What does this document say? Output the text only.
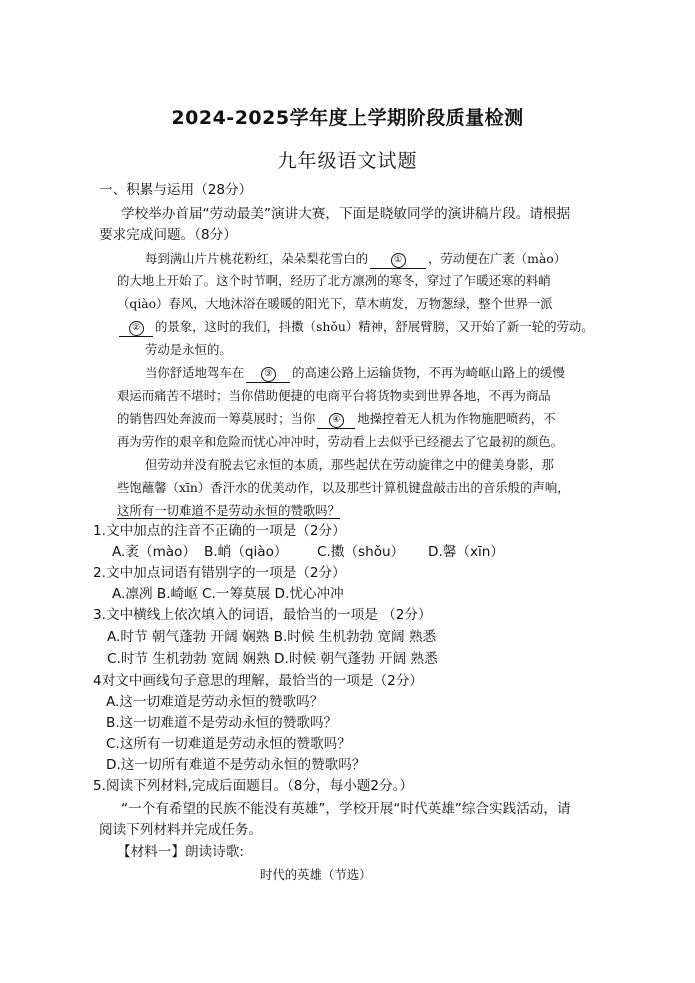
2024-2025学年度上学期阶段质量检测
九年级语文试题
一、积累与运用（28分）
学校举办首届“劳动最美”演讲大赛，下面是晓敏同学的演讲稿片段。请根据
要求完成问题。（8分）
每到满山片片桃花粉红，朵朵梨花雪白的	① ，劳动便在广袤（mào）
的大地上开始了。这个时节啊，经历了北方凛冽的寒冬，穿过了乍暖还寒的料峭
（qiào）春风，大地沐浴在暖暖的阳光下，草木萌发，万物葱绿，整个世界一派
② 的景象，这时的我们，抖擞（shǒu）精神，舒展臂膀，又开始了新一轮的劳动。
劳动是永恒的。
当你舒适地驾车在 ③ 的高速公路上运输货物，不再为崎岖山路上的缓慢
艰运而痛苦不堪时；当你借助便捷的电商平台将货物卖到世界各地，不再为商品
的销售四处奔波而一筹莫展时；当你 ④ 地操控着无人机为作物施肥喷药，不
再为劳作的艰辛和危险而忧心冲冲时，劳动看上去似乎已经褪去了它最初的颜色。
但劳动并没有脱去它永恒的本质，那些起伏在劳动旋律之中的健美身影，那
些饱蘸馨（xīn）香汗水的优美动作，以及那些计算机键盘敲击出的音乐般的声响，
这所有一切难道不是劳动永恒的赞歌吗？
1.文中加点的注音不正确的一项是（2分）
A.袤（mào） B.峭（qiào） C.擞（shǒu） D.馨（xīn）
2.文中加点词语有错别字的一项是（2分）
A.凛冽 B.崎岖 C.一筹莫展 D.忧心冲冲
3.文中横线上依次填入的词语，最恰当的一项是 （2分）
A.时节 朝气蓬勃 开阔 娴熟 B.时候 生机勃勃 宽阔 熟悉
C.时节 生机勃勃 宽阔 娴熟 D.时候 朝气蓬勃 开阔 熟悉
4对文中画线句子意思的理解，最恰当的一项是（2分）
A.这一切难道是劳动永恒的赞歌吗？
B.这一切难道不是劳动永恒的赞歌吗？
C.这所有一切难道是劳动永恒的赞歌吗？
D.这一切所有难道不是劳动永恒的赞歌吗？
5.阅读下列材料,完成后面题目。（8分，每小题2分。）
“一个有希望的民族不能没有英雄”，学校开展“时代英雄”综合实践活动，请
阅读下列材料并完成任务。
【材料一】朗读诗歌:
时代的英雄（节选）
